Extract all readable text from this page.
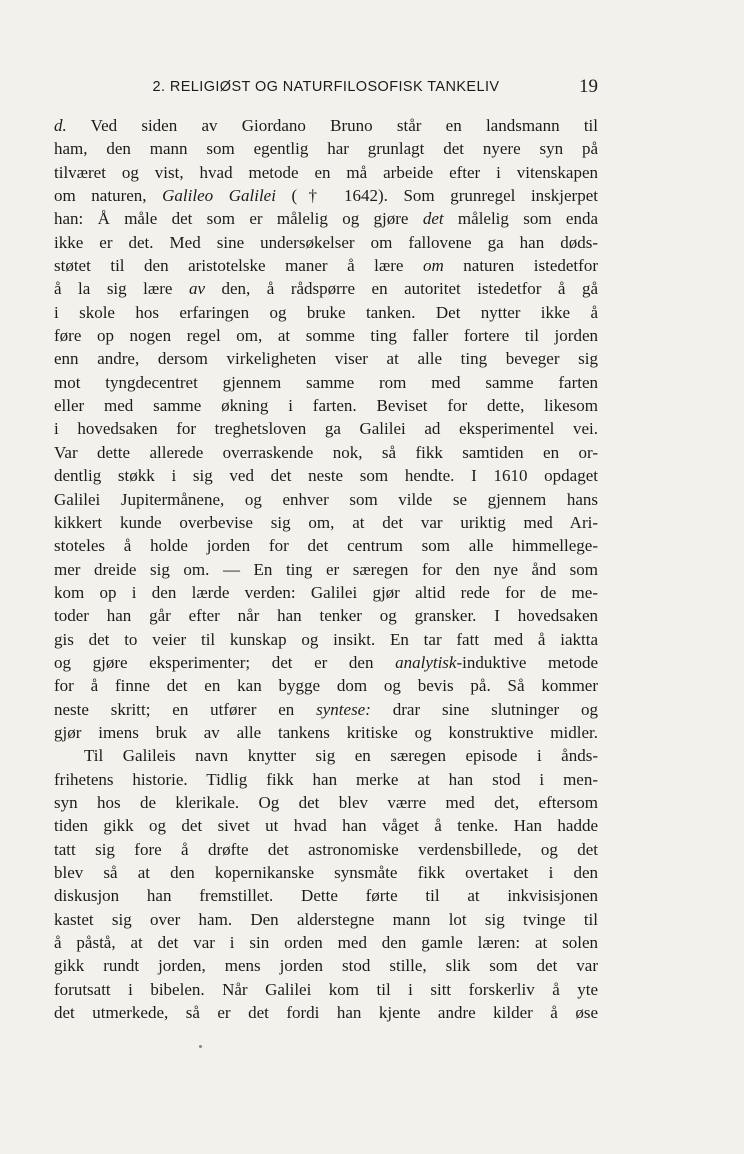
2. RELIGIØST OG NATURFILOSOFISK TANKELIV	19
d. Ved siden av Giordano Bruno står en landsmann til
ham, den mann som egentlig har grunlagt det nyere syn på
tilværet og vist, hvad metode en må arbeide efter i vitenskapen
om naturen, Galileo Galilei († 1642). Som grunregel inskjerpet
han: Å måle det som er målelig og gjøre det målelig som enda
ikke er det. Med sine undersøkelser om fallovene ga han døds-
støtet til den aristotelske maner å lære om naturen istedetfor
å la sig lære av den, å rådspørre en autoritet istedetfor å gå
i skole hos erfaringen og bruke tanken. Det nytter ikke å
føre op nogen regel om, at somme ting faller fortere til jorden
enn andre, dersom virkeligheten viser at alle ting beveger sig
mot tyngdecentret gjennem samme rom med samme farten
eller med samme økning i farten. Beviset for dette, likesom
i hovedsaken for treghetsloven ga Galilei ad eksperimentel vei.
Var dette allerede overraskende nok, så fikk samtiden en or-
dentlig støkk i sig ved det neste som hendte. I 1610 opdaget
Galilei Jupitermånene, og enhver som vilde se gjennem hans
kikkert kunde overbevise sig om, at det var uriktig med Ari-
stoteles å holde jorden for det centrum som alle himmellege-
mer dreide sig om. — En ting er særegen for den nye ånd som
kom op i den lærde verden: Galilei gjør altid rede for de me-
toder han går efter når han tenker og gransker. I hovedsaken
gis det to veier til kunskap og insikt. En tar fatt med å iaktta
og gjøre eksperimenter; det er den analytisk-induktive metode
for å finne det en kan bygge dom og bevis på. Så kommer
neste skritt; en utfører en syntese: drar sine slutninger og
gjør imens bruk av alle tankens kritiske og konstruktive midler.
Til Galileis navn knytter sig en særegen episode i ånds-
frihetens historie. Tidlig fikk han merke at han stod i men-
syn hos de klerikale. Og det blev værre med det, eftersom
tiden gikk og det sivet ut hvad han våget å tenke. Han hadde
tatt sig fore å drøfte det astronomiske verdensbillede, og det
blev så at den kopernikanske synsmåte fikk overtaket i den
diskusjon han fremstillet. Dette førte til at inkvisisjonen
kastet sig over ham. Den alderstegne mann lot sig tvinge til
å påstå, at det var i sin orden med den gamle læren: at solen
gikk rundt jorden, mens jorden stod stille, slik som det var
forutsatt i bibelen. Når Galilei kom til i sitt forskerliv å yte
det utmerkede, så er det fordi han kjente andre kilder å øse
